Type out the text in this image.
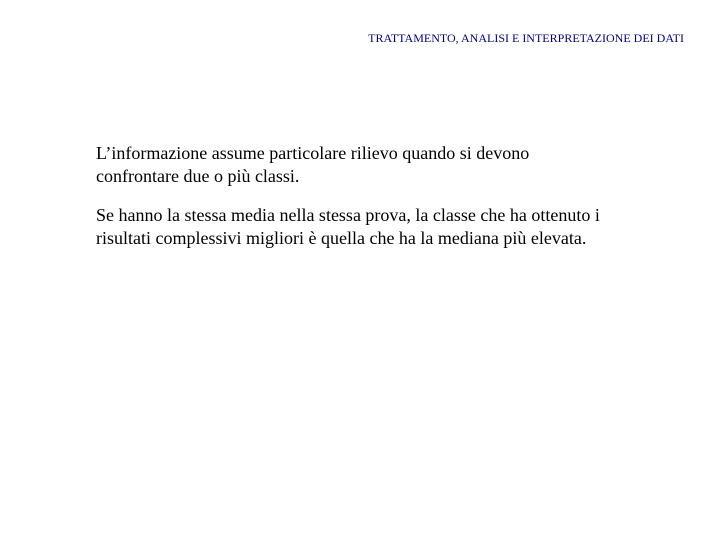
TRATTAMENTO, ANALISI E INTERPRETAZIONE DEI DATI

L’informazione assume particolare rilievo quando si devono confrontare due o più classi.

Se hanno la stessa media nella stessa prova, la classe che ha ottenuto i risultati complessivi migliori è quella che ha la mediana più elevata.
